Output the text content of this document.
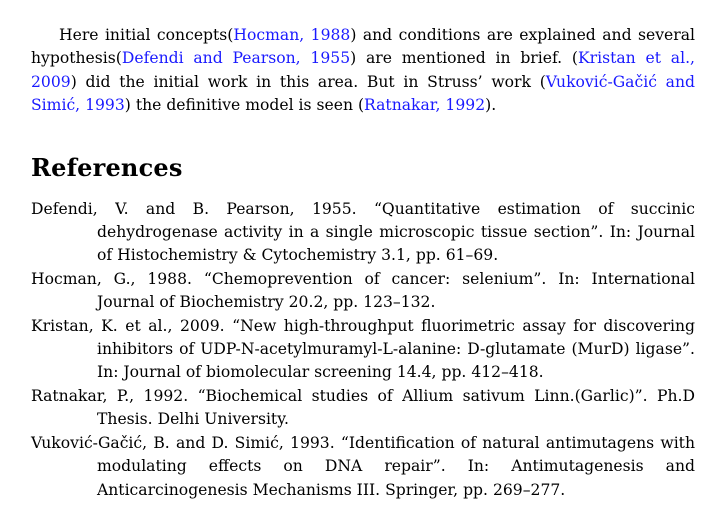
Here initial concepts(Hocman, 1988) and conditions are explained and several hypothesis(Defendi and Pearson, 1955) are mentioned in brief. (Kristan et al., 2009) did the initial work in this area. But in Struss’ work (Vuković-Gačić and Simić, 1993) the definitive model is seen (Ratnakar, 1992).

References
Defendi, V. and B. Pearson, 1955. “Quantitative estimation of succinic dehydrogenase activity in a single microscopic tissue section”. In: Journal of Histochemistry & Cytochemistry 3.1, pp. 61–69.
Hocman, G., 1988. “Chemoprevention of cancer: selenium”. In: International Journal of Biochemistry 20.2, pp. 123–132.
Kristan, K. et al., 2009. “New high-throughput fluorimetric assay for discovering inhibitors of UDP-N-acetylmuramyl-L-alanine: D-glutamate (MurD) ligase”. In: Journal of biomolecular screening 14.4, pp. 412–418.
Ratnakar, P., 1992. “Biochemical studies of Allium sativum Linn.(Garlic)”. Ph.D Thesis. Delhi University.
Vuković-Gačić, B. and D. Simić, 1993. “Identification of natural antimutagens with modulating effects on DNA repair”. In: Antimutagenesis and Anticarcinogenesis Mechanisms III. Springer, pp. 269–277.
